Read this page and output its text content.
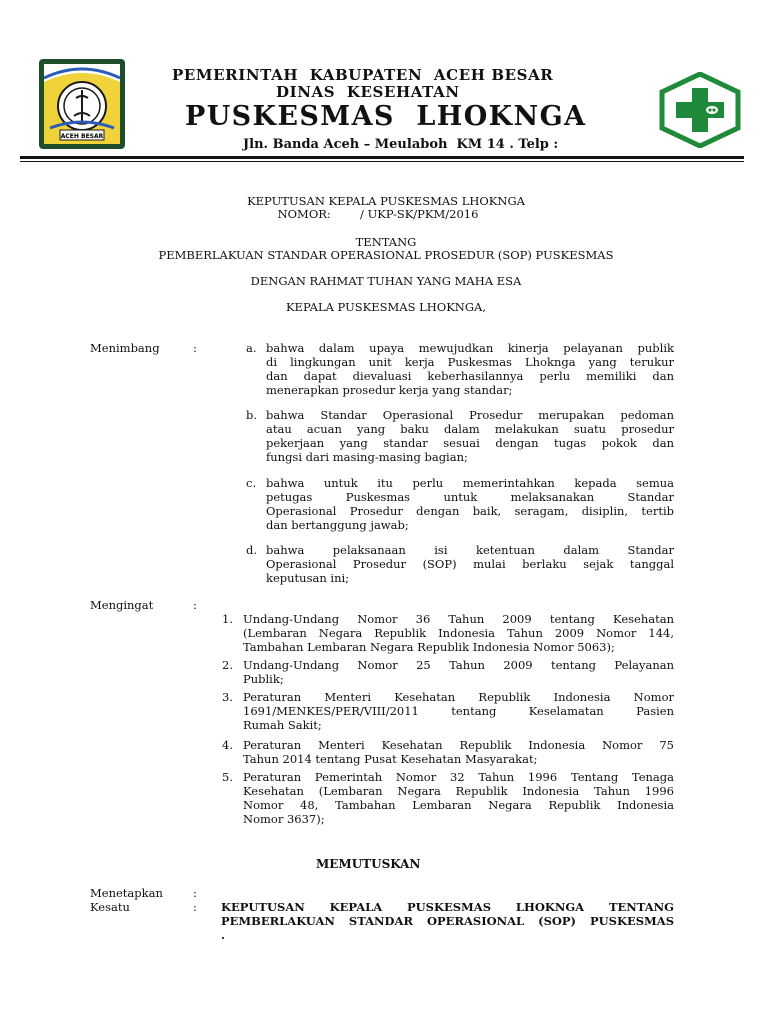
ACEH BESAR
PEMERINTAH  KABUPATEN  ACEH BESAR
DINAS  KESEHATAN
PUSKESMAS  LHOKNGA
Jln. Banda Aceh – Meulaboh  KM 14 . Telp :
KEPUTUSAN KEPALA PUSKESMAS LHOKNGA
NOMOR:        / UKP-SK/PKM/2016
TENTANG
PEMBERLAKUAN STANDAR OPERASIONAL PROSEDUR (SOP) PUSKESMAS
DENGAN RAHMAT TUHAN YANG MAHA ESA
KEPALA PUSKESMAS LHOKNGA,
Menimbang	:	a. bahwa dalam upaya mewujudkan kinerja pelayanan publik
di lingkungan unit kerja Puskesmas Lhoknga yang terukur
dan dapat dievaluasi keberhasilannya perlu memiliki dan
menerapkan prosedur kerja yang standar;
b. bahwa Standar Operasional Prosedur merupakan pedoman
atau acuan yang baku dalam melakukan suatu prosedur
pekerjaan yang standar sesuai dengan tugas pokok dan
fungsi dari masing-masing bagian;
c. bahwa untuk itu perlu memerintahkan kepada semua
petugas Puskesmas untuk melaksanakan Standar
Operasional Prosedur dengan baik, seragam, disiplin, tertib
dan bertanggung jawab;
d. bahwa pelaksanaan isi ketentuan dalam Standar
Operasional Prosedur (SOP) mulai berlaku sejak tanggal
keputusan ini;
Mengingat	:
1. Undang-Undang Nomor 36 Tahun 2009 tentang Kesehatan
(Lembaran Negara Republik Indonesia Tahun 2009 Nomor 144,
Tambahan Lembaran Negara Republik Indonesia Nomor 5063);
2. Undang-Undang Nomor 25 Tahun 2009 tentang Pelayanan
Publik;
3. Peraturan Menteri Kesehatan Republik Indonesia Nomor
1691/MENKES/PER/VIII/2011 tentang Keselamatan Pasien
Rumah Sakit;
4. Peraturan Menteri Kesehatan Republik Indonesia Nomor 75
Tahun 2014 tentang Pusat Kesehatan Masyarakat;
5. Peraturan Pemerintah Nomor 32 Tahun 1996 Tentang Tenaga
Kesehatan (Lembaran Negara Republik Indonesia Tahun 1996
Nomor 48, Tambahan Lembaran Negara Republik Indonesia
Nomor 3637);
MEMUTUSKAN
Menetapkan	:
Kesatu	: KEPUTUSAN KEPALA PUSKESMAS LHOKNGA TENTANG
PEMBERLAKUAN STANDAR OPERASIONAL (SOP) PUSKESMAS
.
